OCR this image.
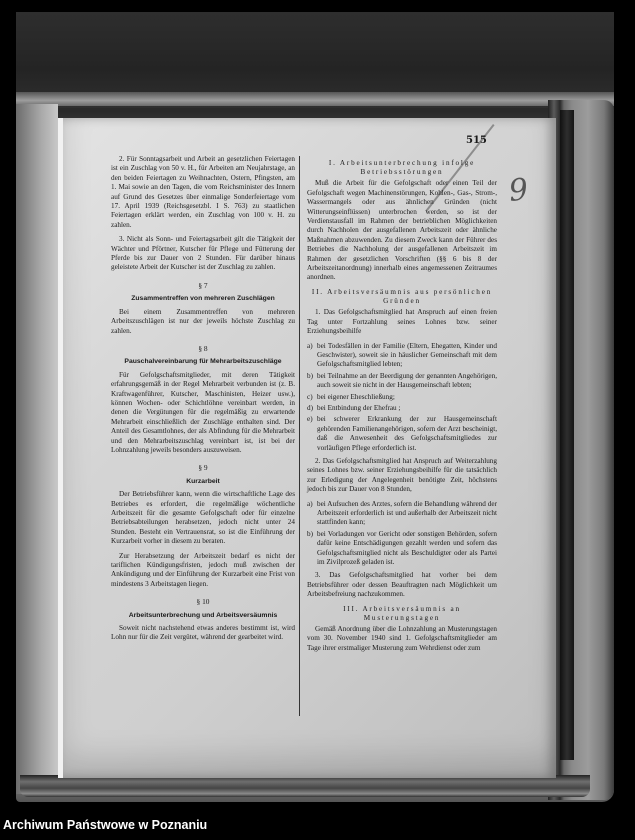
515
9

2. Für Sonntagsarbeit und Arbeit an gesetzlichen Feiertagen ist ein Zuschlag von 50 v. H., für Arbeiten am Neujahrstage, an den beiden Feiertagen zu Weihnachten, Ostern, Pfingsten, am 1. Mai sowie an den Tagen, die vom Reichsminister des Innern auf Grund des Gesetzes über einmalige Sonderfeiertage vom 17. April 1939 (Reichsgesetzbl. I S. 763) zu staatlichen Feiertagen erklärt werden, ein Zuschlag von 100 v. H. zu zahlen.

3. Nicht als Sonn- und Feiertagsarbeit gilt die Tätigkeit der Wächter und Pförtner, Kutscher für Pflege und Fütterung der Pferde bis zur Dauer von 2 Stunden. Für darüber hinaus geleistete Arbeit der Kutscher ist der Zuschlag zu zahlen.

§ 7
Zusammentreffen von mehreren Zuschlägen

Bei einem Zusammentreffen von mehreren Arbeitszuschlägen ist nur der jeweils höchste Zuschlag zu zahlen.

§ 8
Pauschalvereinbarung für Mehrarbeitszuschläge

Für Gefolgschaftsmitglieder, mit deren Tätigkeit erfahrungsgemäß in der Regel Mehrarbeit verbunden ist (z. B. Kraftwagenführer, Kutscher, Maschinisten, Heizer usw.), können Wochen- oder Schichtlöhne vereinbart werden, in denen die Vergütungen für die regelmäßig zu erwartende Mehrarbeit einschließlich der Zuschläge enthalten sind. Der Anteil des Gesamtlohnes, der als Abfindung für die Mehrarbeit und den Mehrarbeitszuschlag vereinbart ist, ist bei der Lohnzahlung jeweils besonders auszuweisen.

§ 9
Kurzarbeit

Der Betriebsführer kann, wenn die wirtschaftliche Lage des Betriebes es erfordert, die regelmäßige wöchentliche Arbeitszeit für die gesamte Gefolgschaft oder für einzelne Betriebsabteilungen herabsetzen, jedoch nicht unter 24 Stunden. Besteht ein Vertrauensrat, so ist die Einführung der Kurzarbeit vorher in diesem zu beraten.

Zur Herabsetzung der Arbeitszeit bedarf es nicht der tariflichen Kündigungsfristen, jedoch muß zwischen der Ankündigung und der Einführung der Kurzarbeit eine Frist von mindestens 3 Arbeitstagen liegen.

§ 10
Arbeitsunterbrechung und Arbeitsversäumnis

Soweit nicht nachstehend etwas anderes bestimmt ist, wird Lohn nur für die Zeit vergütet, während der gearbeitet wird.

I. Arbeitsunterbrechung infolge Betriebsstörungen

Muß die Arbeit für die Gefolgschaft oder einen Teil der Gefolgschaft wegen Machinenstörungen, Kohlen-, Gas-, Strom-, Wassermangels oder aus ähnlichen Gründen (nicht Witterungseinflüssen) unterbrochen werden, so ist der Verdienstausfall im Rahmen der betrieblichen Möglichkeiten durch Nachholen der ausgefallenen Arbeitszeit oder ähnliche Maßnahmen abzuwenden. Zu diesem Zweck kann der Führer des Betriebes die Nachholung der ausgefallenen Arbeitszeit im Rahmen der gesetzlichen Vorschriften (§§ 6 bis 8 der Arbeitszeitanordnung) innerhalb eines angemessenen Zeitraumes anordnen.

II. Arbeitsversäumnis aus persönlichen Gründen

1. Das Gefolgschaftsmitglied hat Anspruch auf einen freien Tag unter Fortzahlung seines Lohnes bzw. seiner Erziehungsbeihilfe

a) bei Todesfällen in der Familie (Eltern, Ehegatten, Kinder und Geschwister), soweit sie in häuslicher Gemeinschaft mit dem Gefolgschaftsmitglied lebten;
b) bei Teilnahme an der Beerdigung der genannten Angehörigen, auch soweit sie nicht in der Hausgemeinschaft lebten;
c) bei eigener Eheschließung;
d) bei Entbindung der Ehefrau ;
e) bei schwerer Erkrankung der zur Hausgemeinschaft gehörenden Familienangehörigen, sofern der Arzt bescheinigt, daß die Anwesenheit des Gefolgschaftsmitgliedes zur vorläufigen Pflege erforderlich ist.

2. Das Gefolgschaftsmitglied hat Anspruch auf Weiterzahlung seines Lohnes bzw. seiner Erziehungsbeihilfe für die tatsächlich zur Erledigung der Angelegenheit benötigte Zeit, höchstens jedoch bis zur Dauer von 8 Stunden,

a) bei Aufsuchen des Arztes, sofern die Behandlung während der Arbeitszeit erforderlich ist und außerhalb der Arbeitszeit nicht stattfinden kann;
b) bei Vorladungen vor Gericht oder sonstigen Behörden, sofern dafür keine Entschädigungen gezahlt werden und sofern das Gefolgschaftsmitglied nicht als Beschuldigter oder als Partei im Zivilprozeß geladen ist.

3. Das Gefolgschaftsmitglied hat vorher bei dem Betriebsführer oder dessen Beauftragten nach Möglichkeit um Arbeitsbefreiung nachzukommen.

III. Arbeitsversäumnis an Musterungstagen

Gemäß Anordnung über die Lohnzahlung an Musterungstagen vom 30. November 1940 sind 1. Gefolgschaftsmitglieder am Tage ihrer erstmaliger Musterung zum Wehrdienst oder zum

Archiwum Państwowe w Poznaniu
